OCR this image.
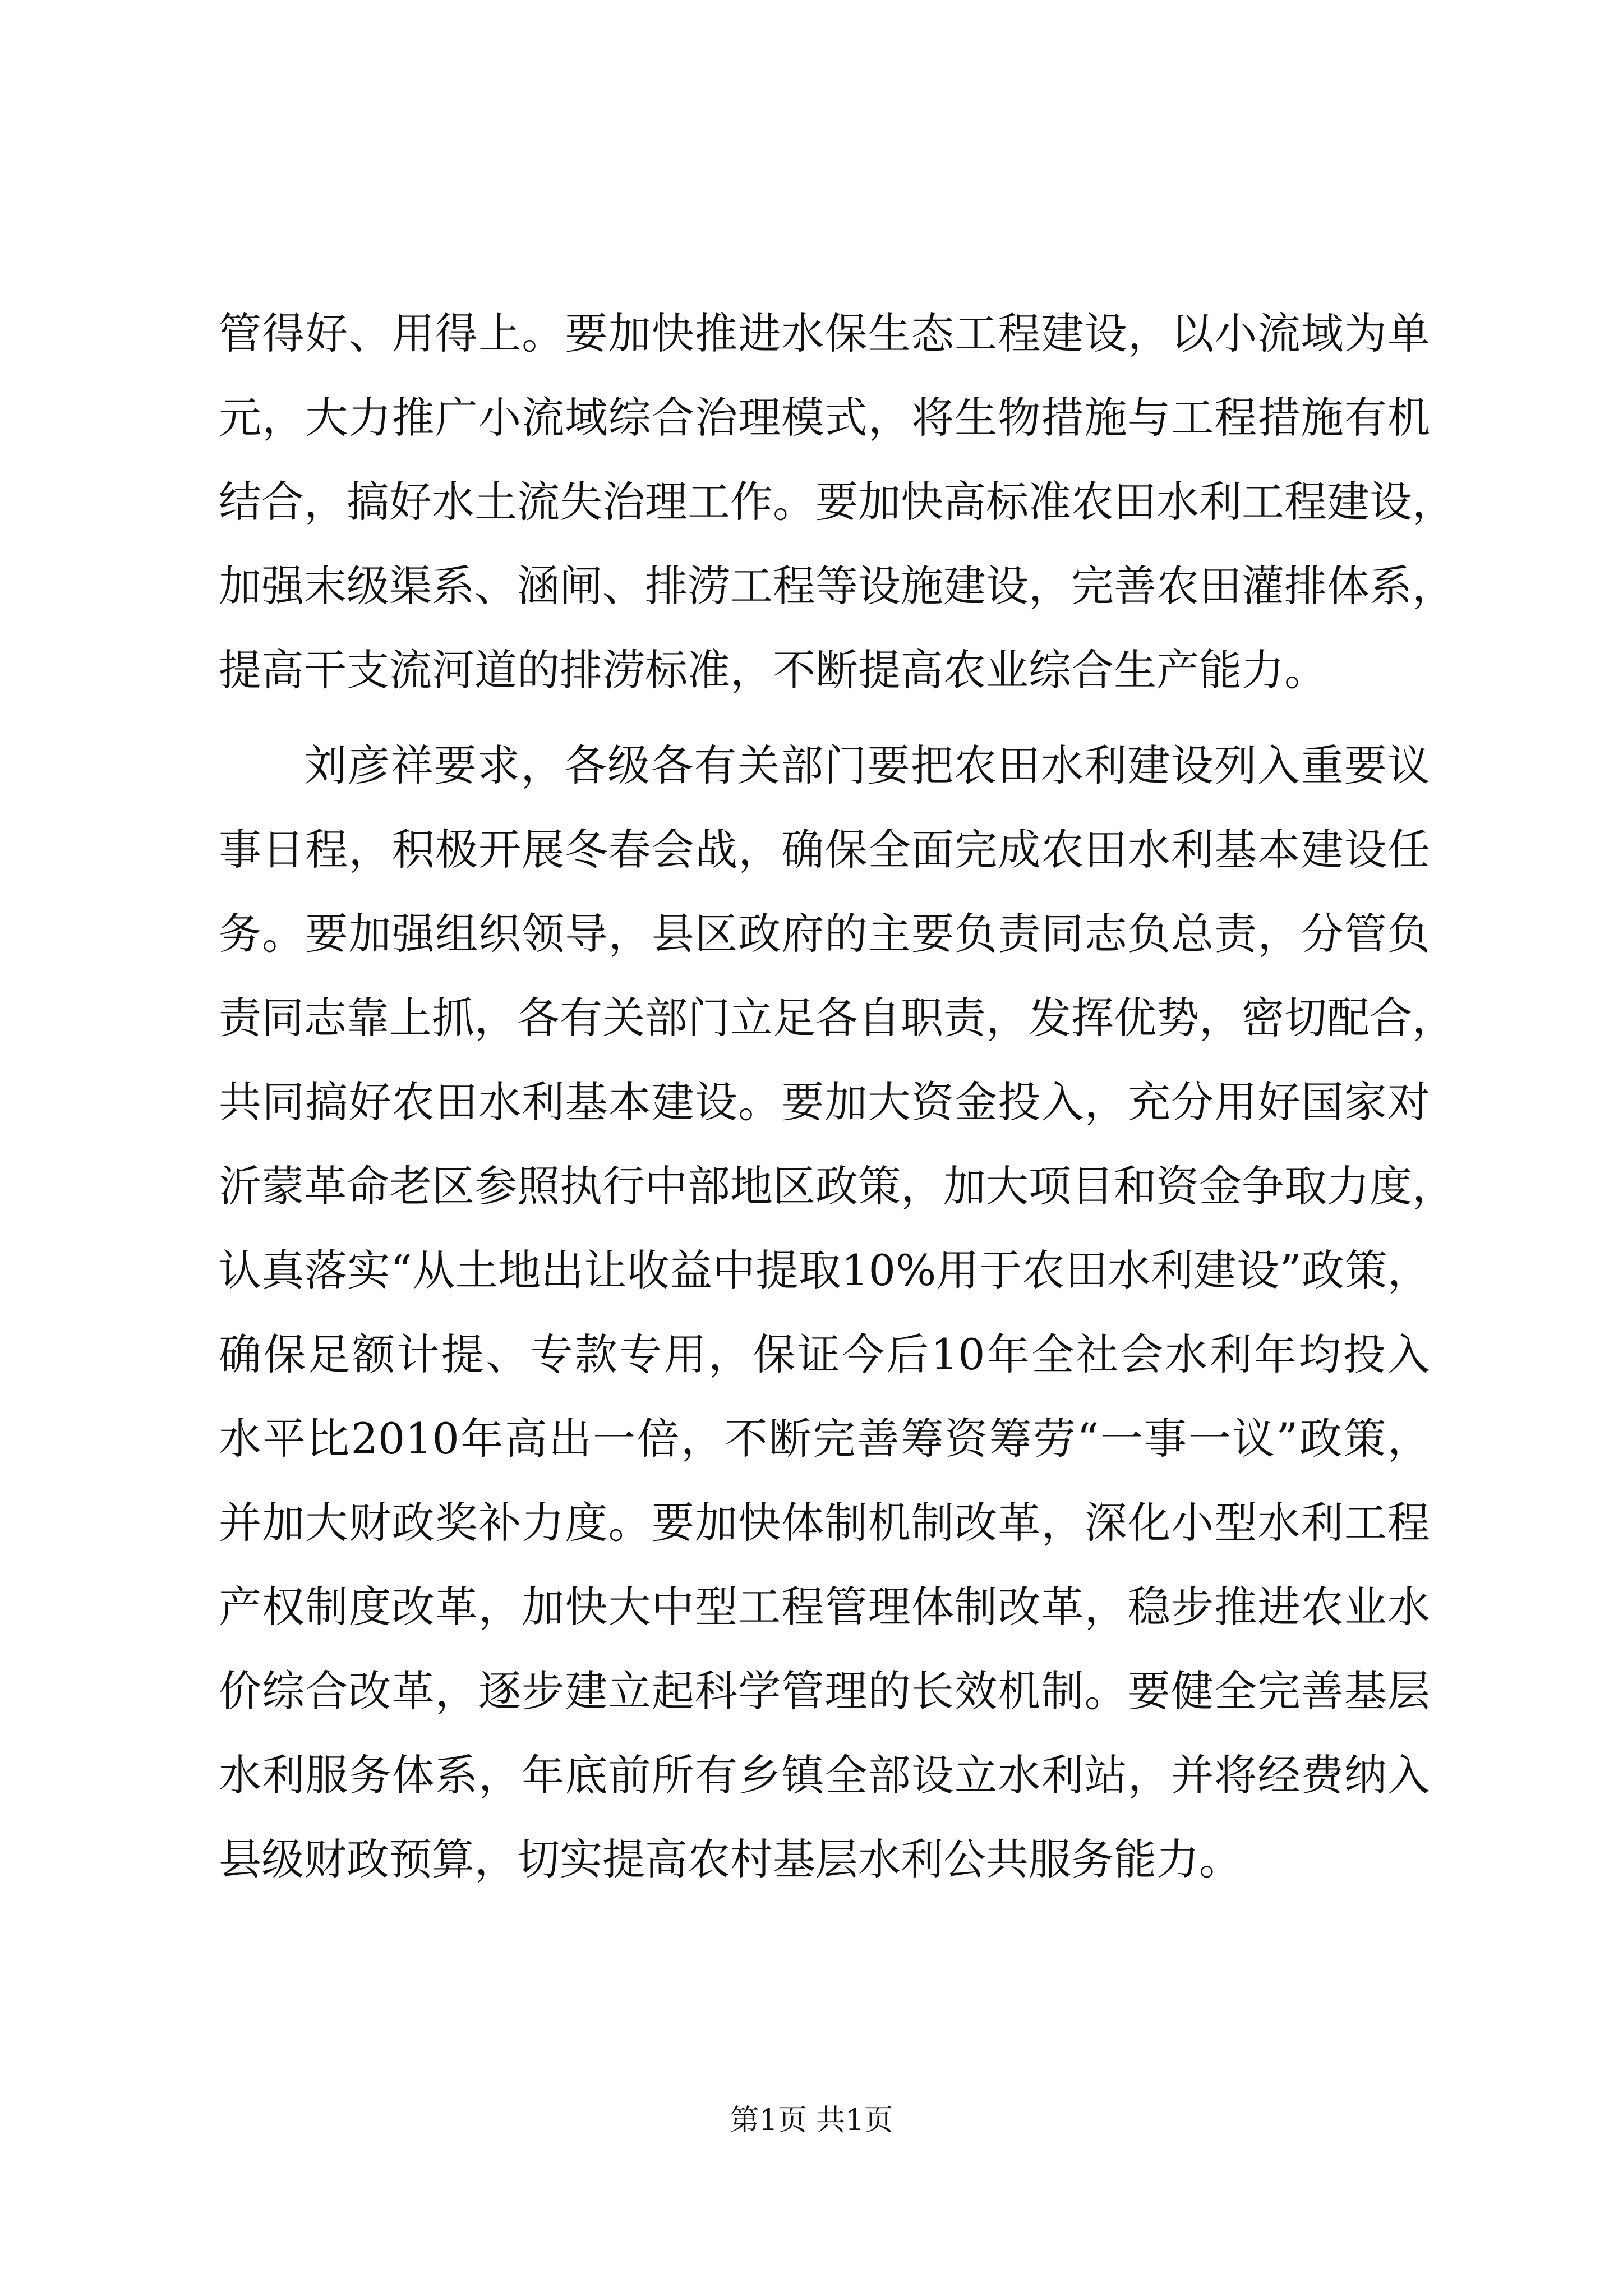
管得好、用得上。要加快推进水保生态工程建设，以小流域为单
元，大力推广小流域综合治理模式，将生物措施与工程措施有机
结合，搞好水土流失治理工作。要加快高标准农田水利工程建设，
加强末级渠系、涵闸、排涝工程等设施建设，完善农田灌排体系，
提高干支流河道的排涝标准，不断提高农业综合生产能力。
刘彦祥要求，各级各有关部门要把农田水利建设列入重要议
事日程，积极开展冬春会战，确保全面完成农田水利基本建设任
务。要加强组织领导，县区政府的主要负责同志负总责，分管负
责同志靠上抓，各有关部门立足各自职责，发挥优势，密切配合，
共同搞好农田水利基本建设。要加大资金投入，充分用好国家对
沂蒙革命老区参照执行中部地区政策，加大项目和资金争取力度，
认真落实“从土地出让收益中提取10%用于农田水利建设”政策，
确保足额计提、专款专用，保证今后10年全社会水利年均投入
水平比2010年高出一倍，不断完善筹资筹劳“一事一议”政策，
并加大财政奖补力度。要加快体制机制改革，深化小型水利工程
产权制度改革，加快大中型工程管理体制改革，稳步推进农业水
价综合改革，逐步建立起科学管理的长效机制。要健全完善基层
水利服务体系，年底前所有乡镇全部设立水利站，并将经费纳入
县级财政预算，切实提高农村基层水利公共服务能力。
第1页 共1页
